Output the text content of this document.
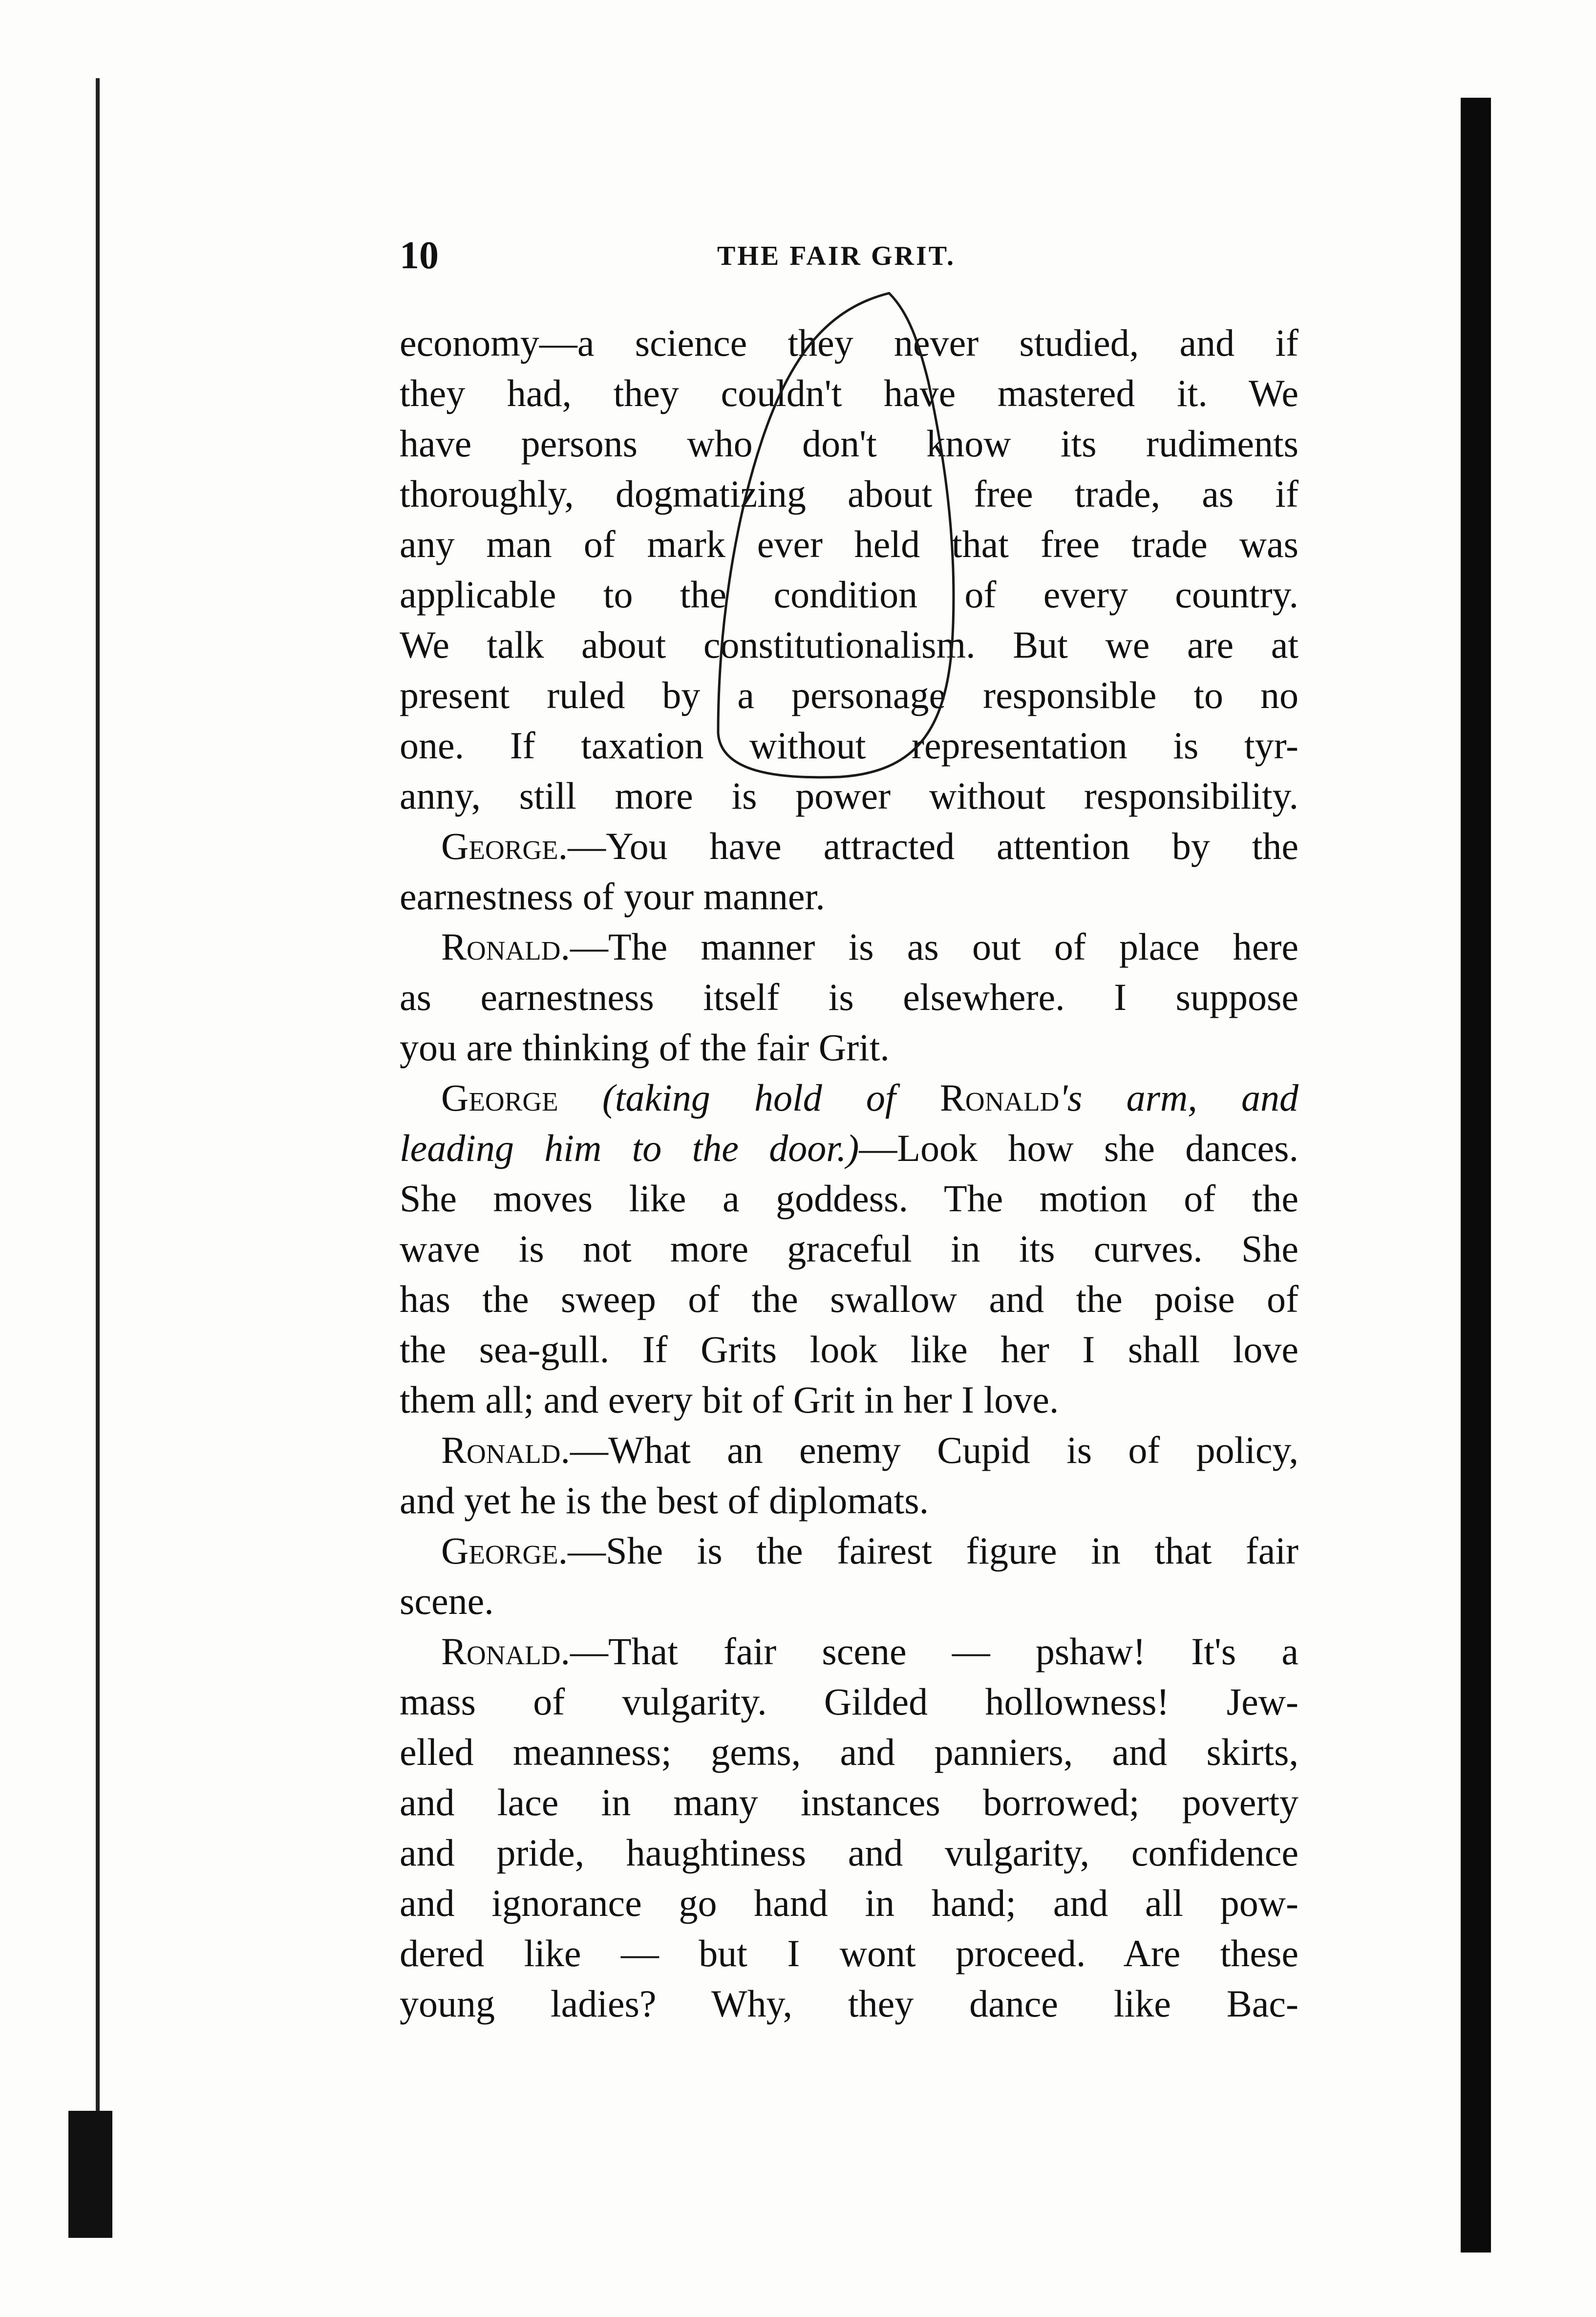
10	THE FAIR GRIT.
economy—a science they never studied, and if
they had, they couldn't have mastered it. We
have persons who don't know its rudiments
thoroughly, dogmatizing about free trade, as if
any man of mark ever held that free trade was
applicable to the condition of every country.
We talk about constitutionalism. But we are at
present ruled by a personage responsible to no
one. If taxation without representation is tyr-
anny, still more is power without responsibility.
George.—You have attracted attention by the
earnestness of your manner.
Ronald.—The manner is as out of place here
as earnestness itself is elsewhere. I suppose
you are thinking of the fair Grit.
George (taking hold of Ronald's arm, and
leading him to the door.)—Look how she dances.
She moves like a goddess. The motion of the
wave is not more graceful in its curves. She
has the sweep of the swallow and the poise of
the sea-gull. If Grits look like her I shall love
them all; and every bit of Grit in her I love.
Ronald.—What an enemy Cupid is of policy,
and yet he is the best of diplomats.
George.—She is the fairest figure in that fair
scene.
Ronald.—That fair scene — pshaw! It's a
mass of vulgarity. Gilded hollowness! Jew-
elled meanness; gems, and panniers, and skirts,
and lace in many instances borrowed; poverty
and pride, haughtiness and vulgarity, confidence
and ignorance go hand in hand; and all pow-
dered like — but I wont proceed. Are these
young ladies? Why, they dance like Bac-
